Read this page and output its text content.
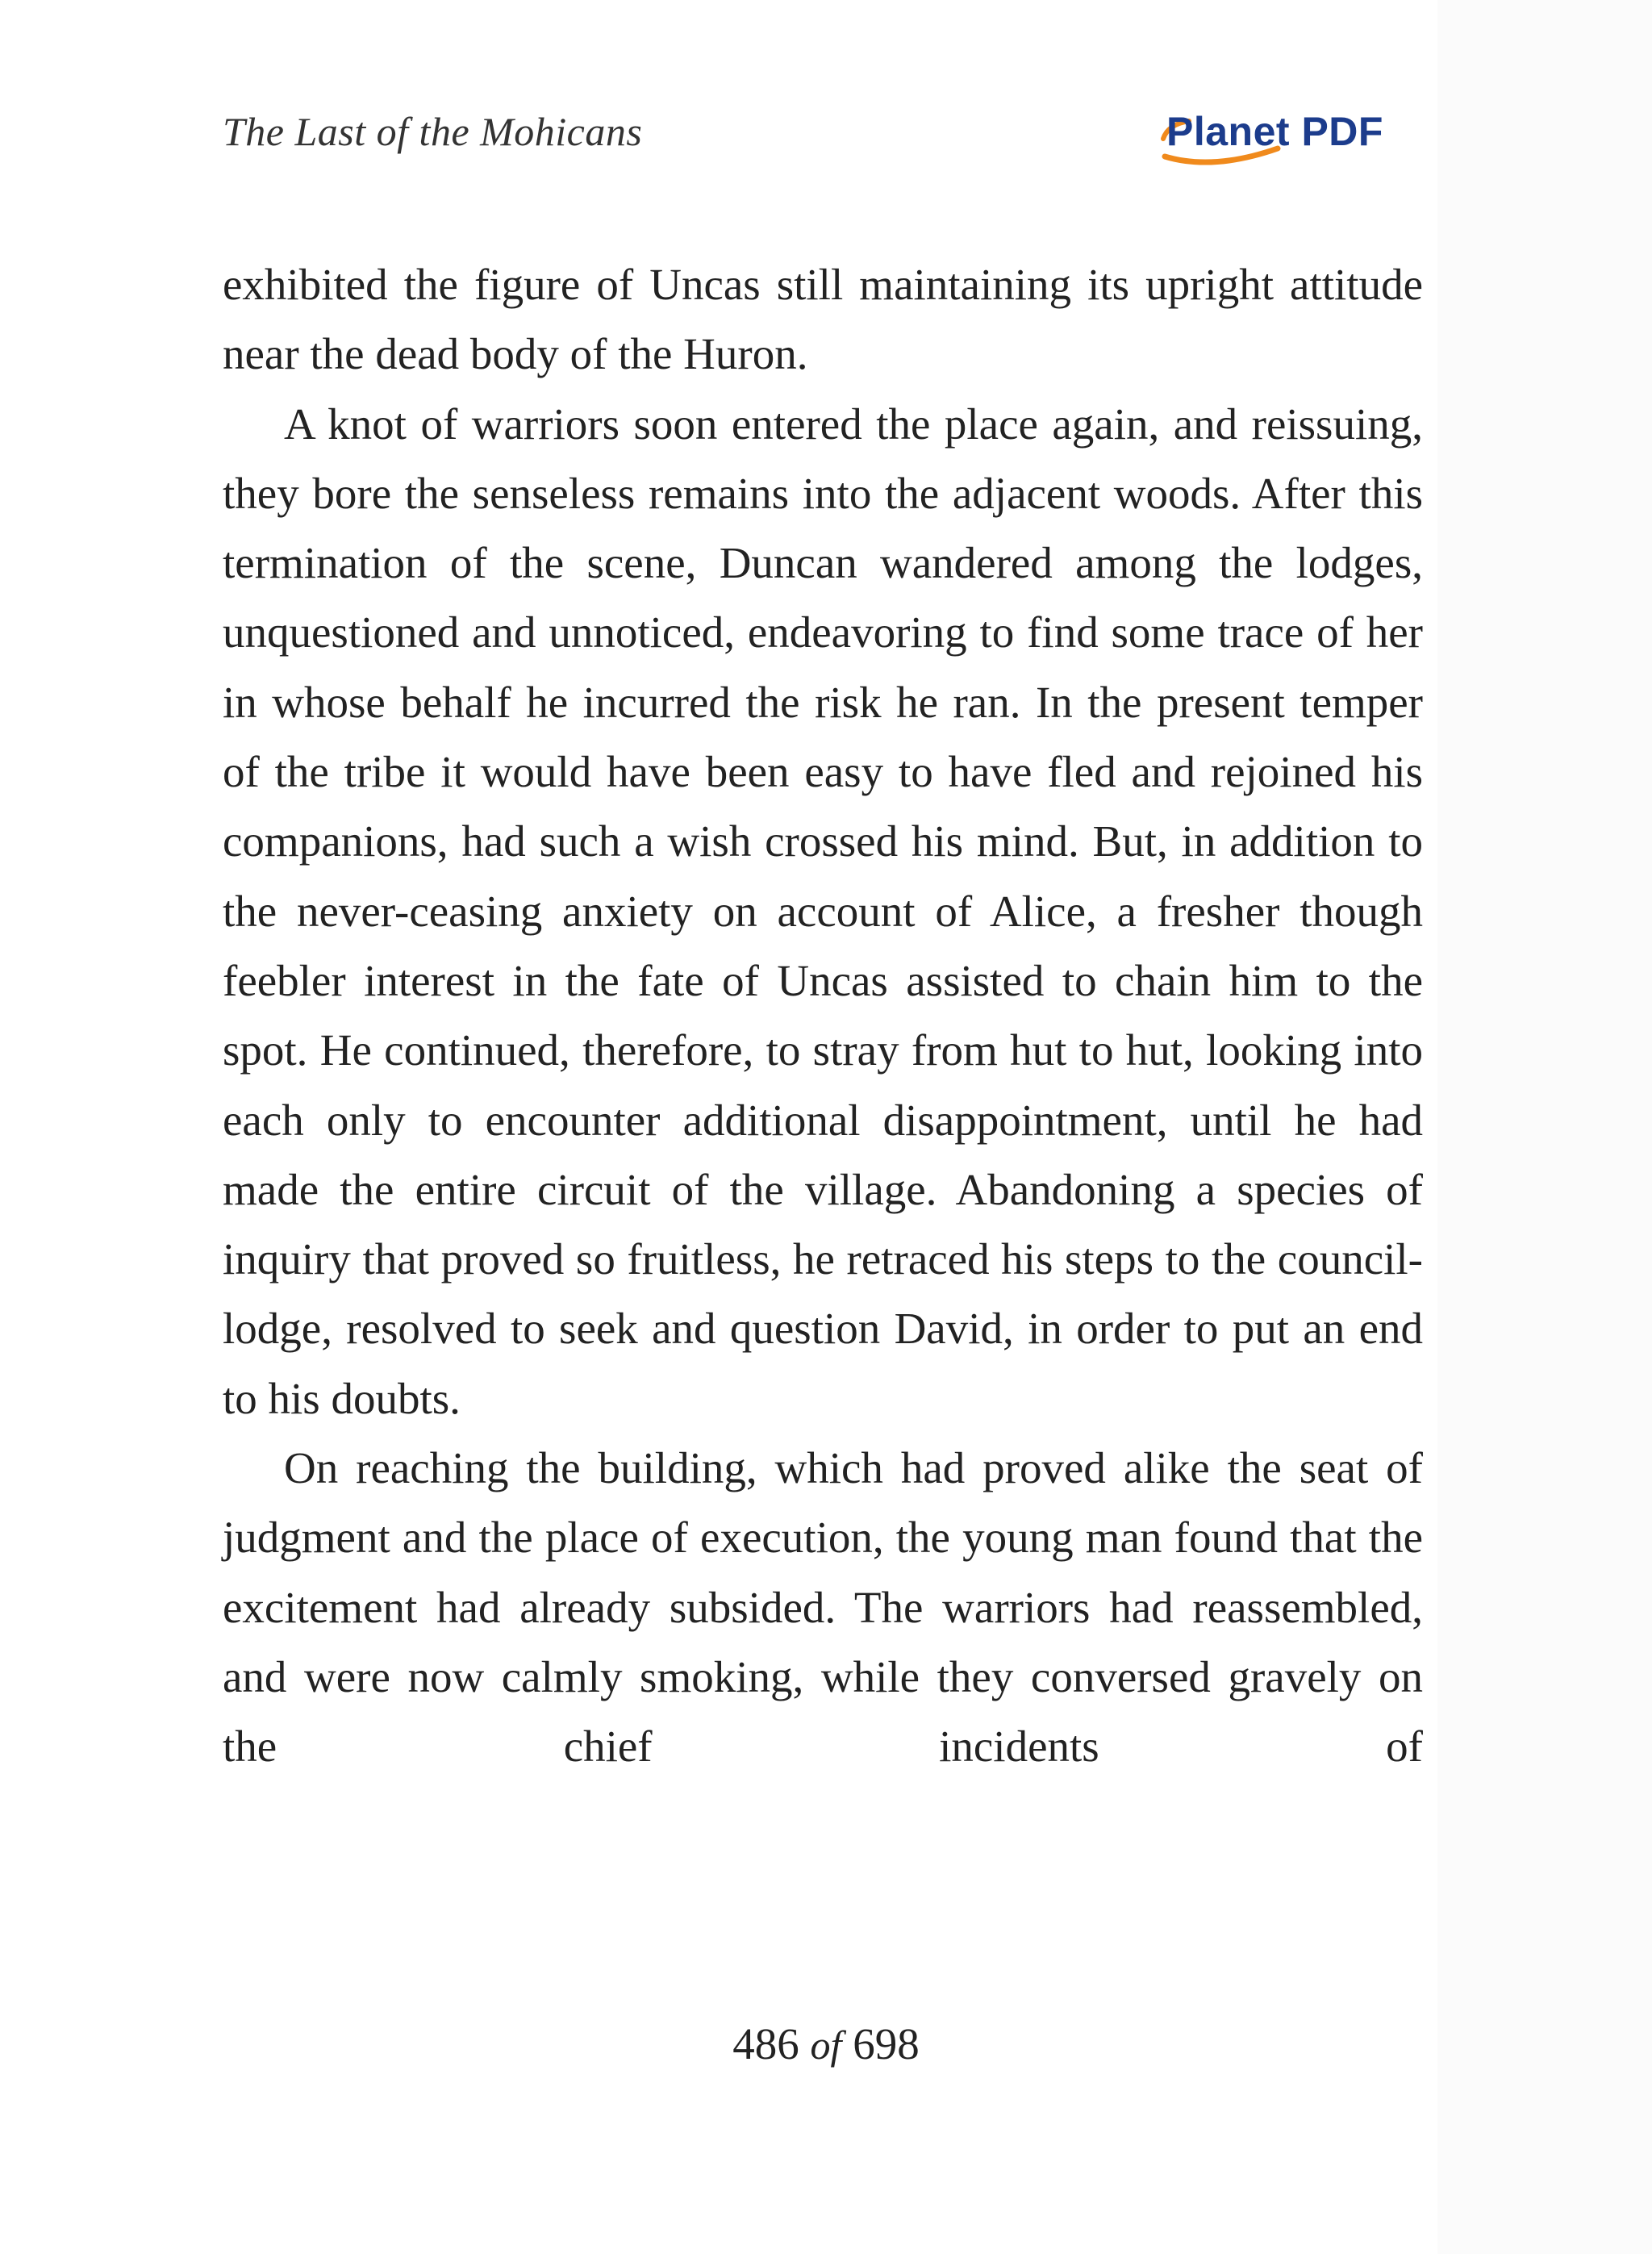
The Last of the Mohicans	Planet PDF

exhibited the figure of Uncas still maintaining its upright attitude near the dead body of the Huron.

A knot of warriors soon entered the place again, and reissuing, they bore the senseless remains into the adjacent woods. After this termination of the scene, Duncan wandered among the lodges, unquestioned and unnoticed, endeavoring to find some trace of her in whose behalf he incurred the risk he ran. In the present temper of the tribe it would have been easy to have fled and rejoined his companions, had such a wish crossed his mind. But, in addition to the never-ceasing anxiety on account of Alice, a fresher though feebler interest in the fate of Uncas assisted to chain him to the spot. He continued, therefore, to stray from hut to hut, looking into each only to encounter additional disappointment, until he had made the entire circuit of the village. Abandoning a species of inquiry that proved so fruitless, he retraced his steps to the council-lodge, resolved to seek and question David, in order to put an end to his doubts.

On reaching the building, which had proved alike the seat of judgment and the place of execution, the young man found that the excitement had already subsided. The warriors had reassembled, and were now calmly smoking, while they conversed gravely on the chief incidents of

486 of 698
